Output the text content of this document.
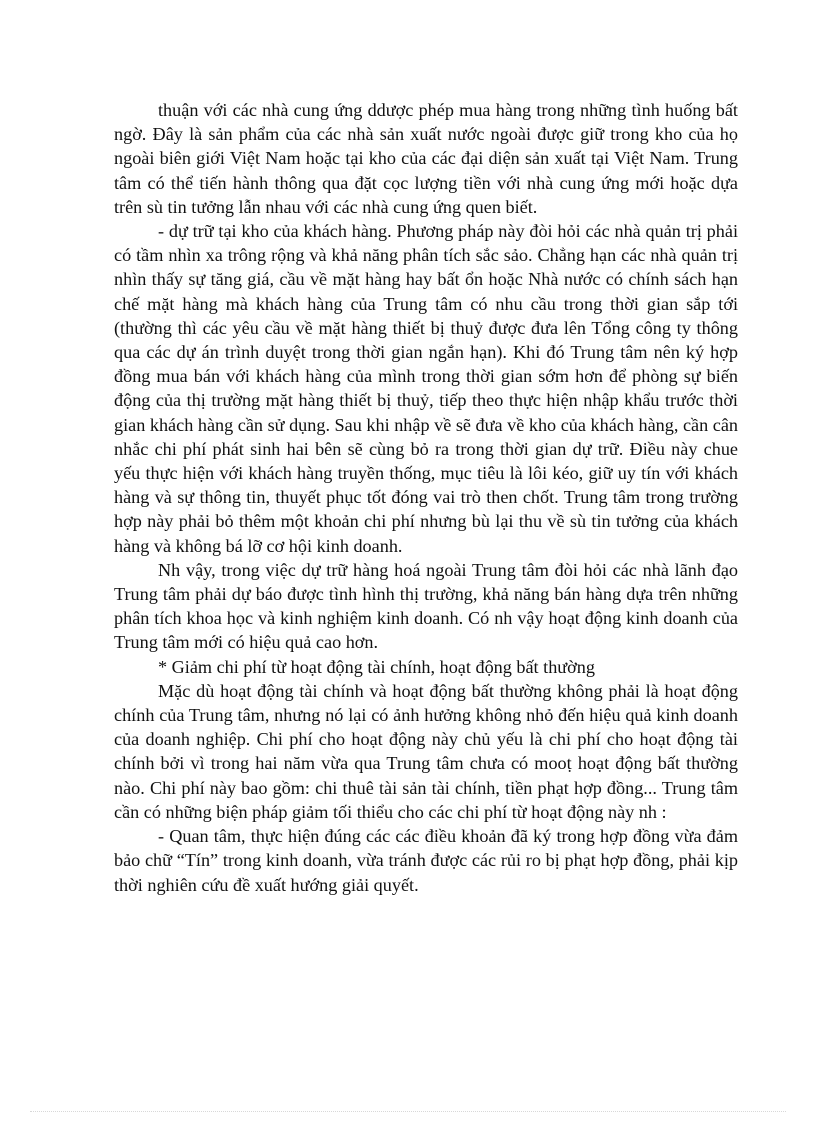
thuận với các nhà cung ứng ddược phép mua hàng trong những tình huống bất ngờ. Đây là sản phẩm của các nhà sản xuất nước ngoài được giữ trong kho của họ ngoài biên giới Việt Nam hoặc tại kho của các đại diện sản xuất tại Việt Nam. Trung tâm có thể tiến hành thông qua đặt cọc lượng tiền với nhà cung ứng mới hoặc dựa trên sù tin tưởng lẫn nhau với các nhà cung ứng quen biết.

- dự trữ tại kho của khách hàng. Phương pháp này đòi hỏi các nhà quản trị phải có tầm nhìn xa trông rộng và khả năng phân tích sắc sảo. Chẳng hạn các nhà quản trị nhìn thấy sự tăng giá, cầu về mặt hàng hay bất ổn hoặc Nhà nước có chính sách hạn chế mặt hàng mà khách hàng của Trung tâm có nhu cầu trong thời gian sắp tới (thường thì các yêu cầu về mặt hàng thiết bị thuỷ được đưa lên Tổng công ty thông qua các dự án trình duyệt trong thời gian ngắn hạn). Khi đó Trung tâm nên ký hợp đồng mua bán với khách hàng của mình trong thời gian sớm hơn để phòng sự biến động của thị trường mặt hàng thiết bị thuỷ, tiếp theo thực hiện nhập khẩu trước thời gian khách hàng cần sử dụng. Sau khi nhập về sẽ đưa về kho của khách hàng, cần cân nhắc chi phí phát sinh hai bên sẽ cùng bỏ ra trong thời gian dự trữ. Điều này chue yếu thực hiện với khách hàng truyền thống, mục tiêu là lôi kéo, giữ uy tín với khách hàng và sự thông tin, thuyết phục tốt đóng vai trò then chốt. Trung tâm trong trường hợp này phải bỏ thêm một khoản chi phí nhưng bù lại thu về sù tin tưởng của khách hàng và không bá lỡ cơ hội kinh doanh.

Nh vậy, trong việc dự trữ hàng hoá ngoài Trung tâm đòi hỏi các nhà lãnh đạo Trung tâm phải dự báo được tình hình thị trường, khả năng bán hàng dựa trên những phân tích khoa học và kinh nghiệm kinh doanh. Có nh vậy hoạt động kinh doanh của Trung tâm mới có hiệu quả cao hơn.

* Giảm chi phí từ hoạt động tài chính, hoạt động bất thường

Mặc dù hoạt động tài chính và hoạt động bất thường không phải là hoạt động chính của Trung tâm, nhưng nó lại có ảnh hưởng không nhỏ đến hiệu quả kinh doanh của doanh nghiệp. Chi phí cho hoạt động này chủ yếu là chi phí cho hoạt động tài chính bởi vì trong hai năm vừa qua Trung tâm chưa có mooṭ hoạt động bất thường nào. Chi phí này bao gồm: chi thuê tài sản tài chính, tiền phạt hợp đồng... Trung tâm cần có những biện pháp giảm tối thiểu cho các chi phí từ hoạt động này nh :

- Quan tâm, thực hiện đúng các các điều khoản đã ký trong hợp đồng vừa đảm bảo chữ “Tín” trong kinh doanh, vừa tránh được các rủi ro bị phạt hợp đồng, phải kịp thời nghiên cứu đề xuất hướng giải quyết.
